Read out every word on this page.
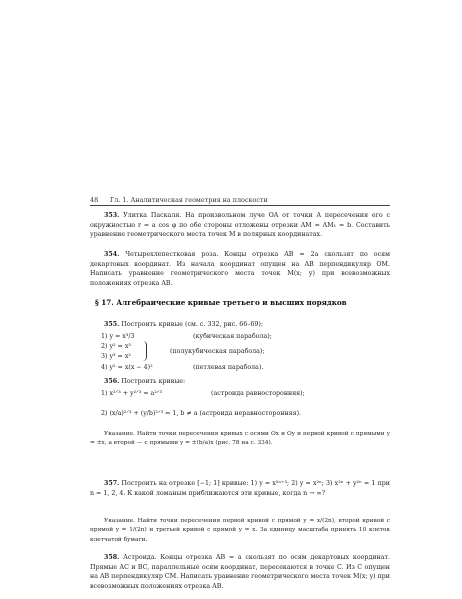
48 Гл. 1. Аналитическая геометрия на плоскости
353. Улитка Паскаля. На произвольном луче OA от точки A пересечения его с окружностью r = a cos φ по обе стороны отложены отрезки AM = AM₁ = b. Составить уравнение геометрического места точек M в полярных координатах.
354. Четырехлепестковая роза. Концы отрезка AB = 2a скользят по осям декартовых координат. Из начала координат опущен на AB перпендикуляр OM. Написать уравнение геометрического места точек M(x; y) при всевозможных положениях отрезка AB.
§ 17. Алгебраические кривые третьего и высших порядков
355. Построить кривые (см. с. 332, рис. 66–69):
1) y = x³/3	(кубическая парабола);
2) y² = x³
(полукубическая парабола);
3) y³ = x²
4) y² = x(x − 4)²	(петлевая парабола).
356. Построить кривые:
1) x²ᐟ³ + y²ᐟ³ = a²ᐟ³	(астроида равносторонняя);
2) (x/a)²ᐟ³ + (y/b)²ᐟ³ = 1, b ≠ a (астроида неравносторонняя).
Указание. Найти точки пересечения кривых с осями Ox и Oy и первой кривой с прямыми y = ±x, а второй — с прямыми y = ±(b/a)x (рис. 78 на с. 334).
357. Построить на отрезке [−1; 1] кривые: 1) y = x²ⁿ⁺³; 2) y = x²ⁿ; 3) x²ⁿ + y²ⁿ = 1 при n = 1, 2, 4. К какой ломаным приближаются эти кривые, когда n → ∞?
Указание. Найти точки пересечения первой кривой с прямой y = x/(2n), второй кривой с прямой y = 1/(2n) и третьей кривой с прямой y = x. За единицу масштаба принять 10 клеток клетчатой бумаги.
358. Астроида. Концы отрезка AB = a скользят по осям декартовых координат. Прямые AC и BC, параллельные осям координат, пересекаются в точке C. Из C опущен на AB перпендикуляр CM. Написать уравнение геометрического места точек M(x; y) при всевозможных положениях отрезка AB.
